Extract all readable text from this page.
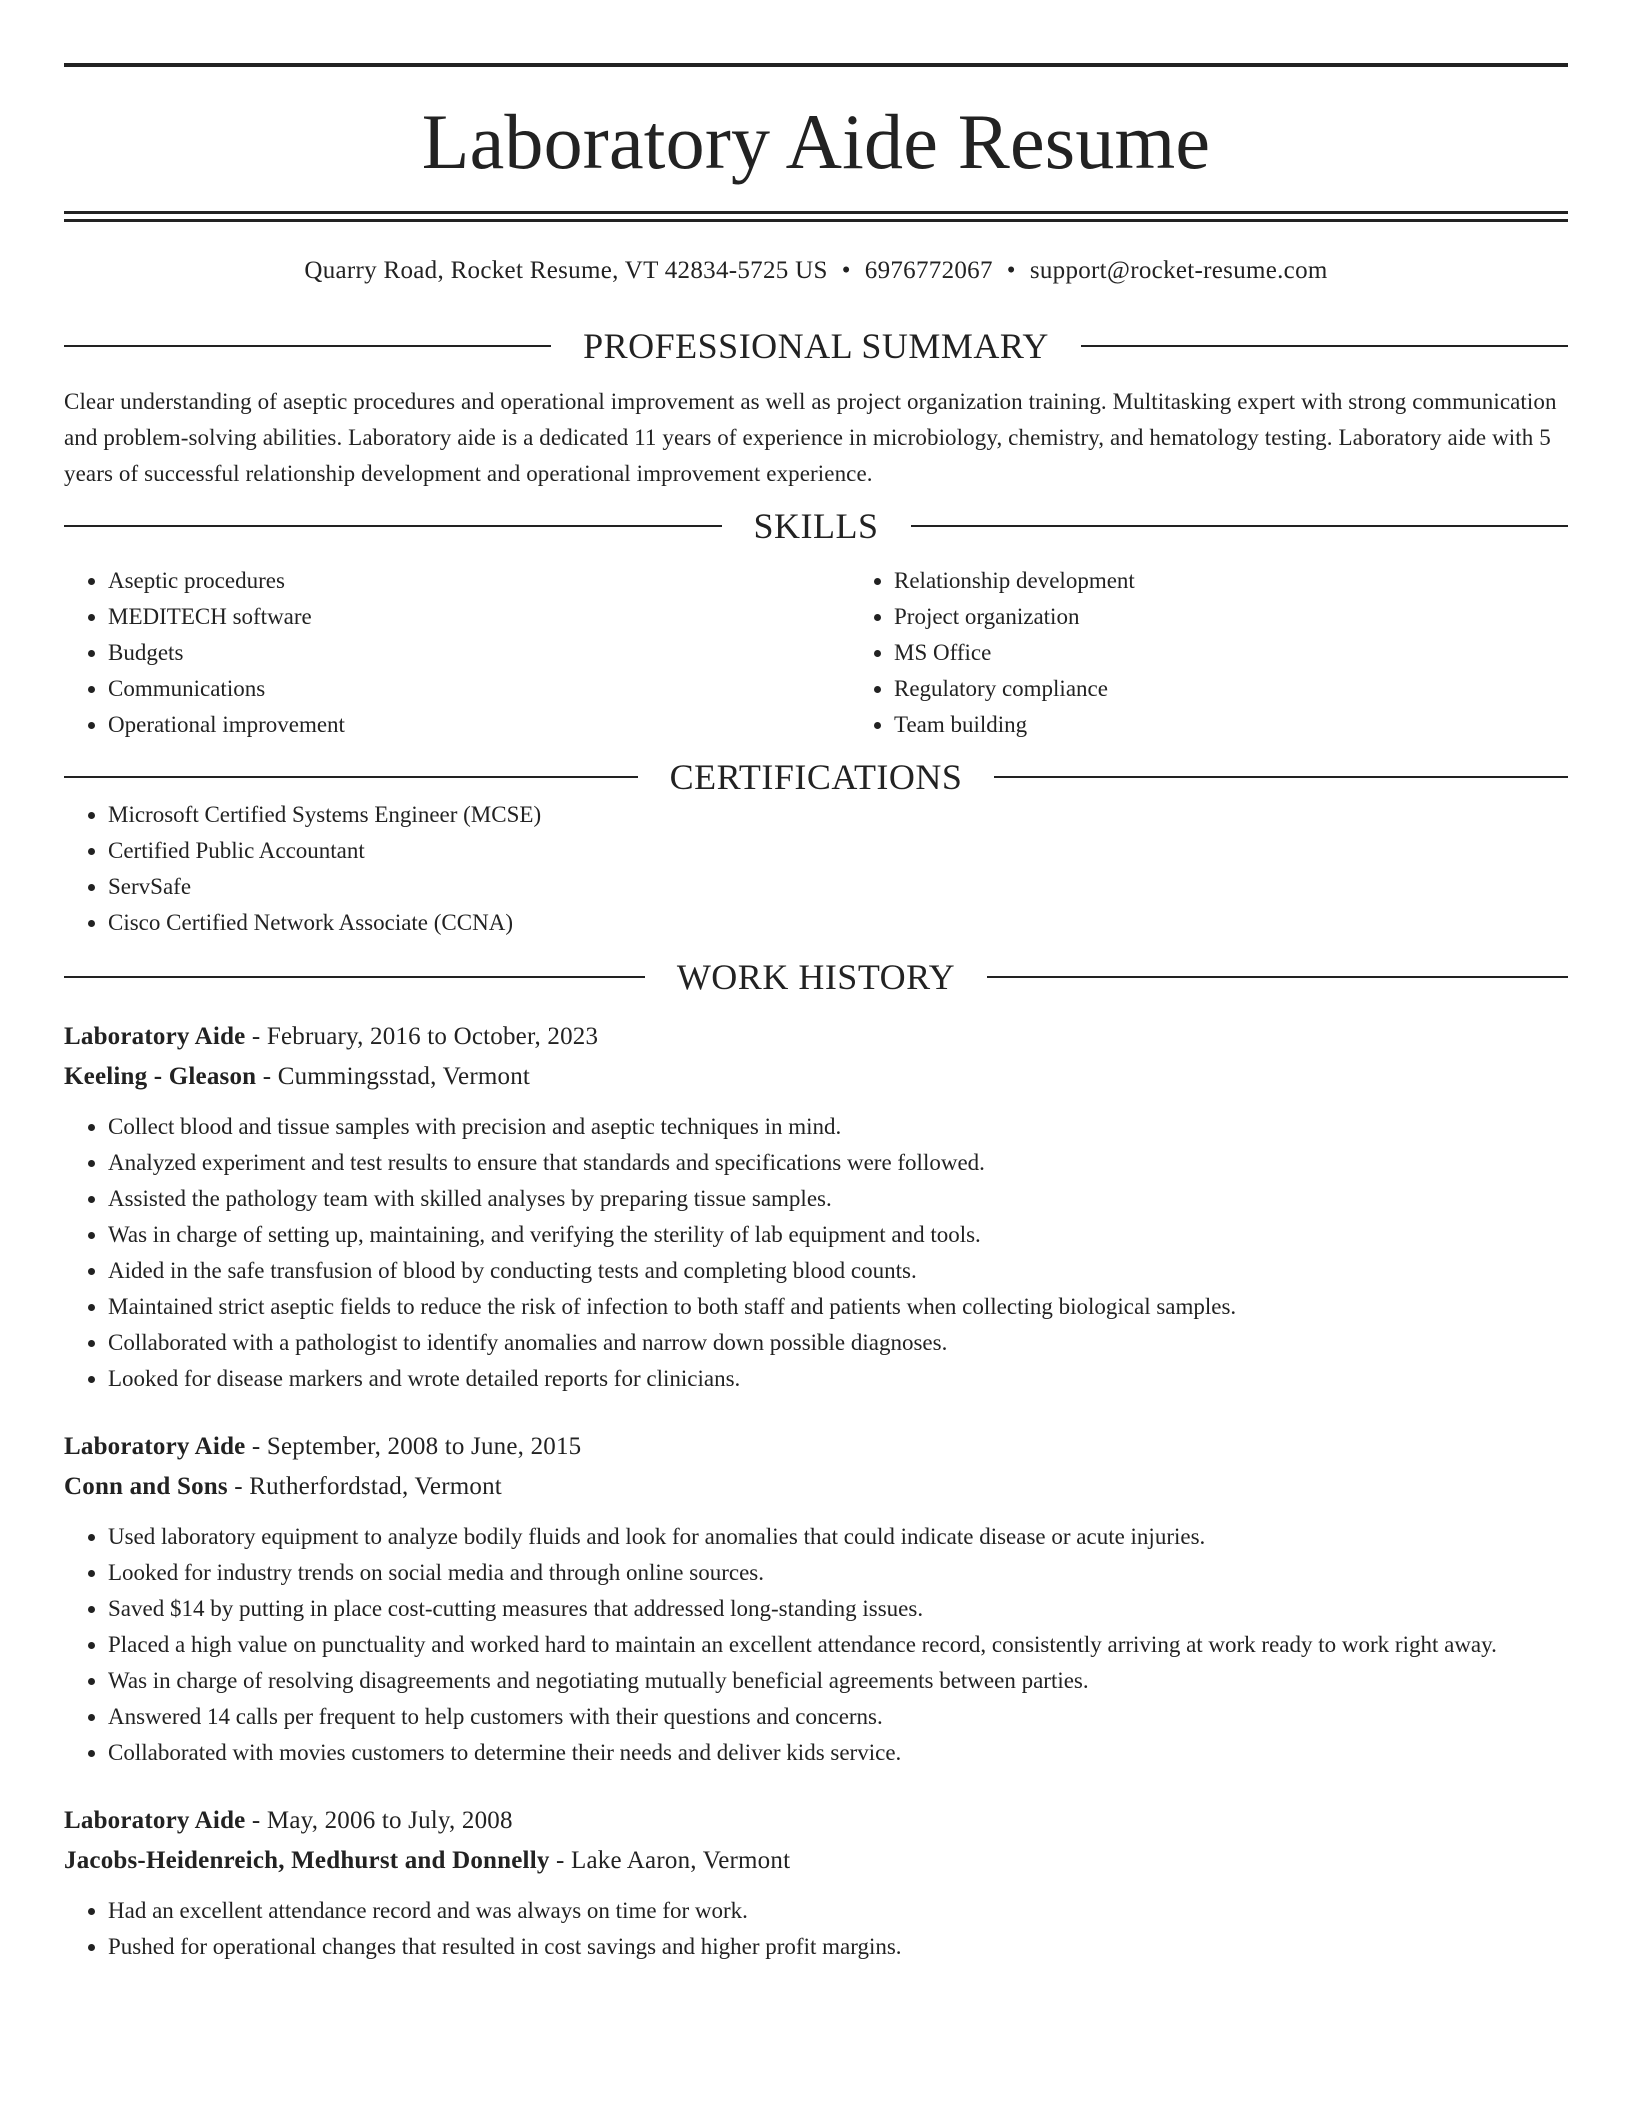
Laboratory Aide Resume
Quarry Road, Rocket Resume, VT 42834-5725 US • 6976772067 • support@rocket-resume.com
PROFESSIONAL SUMMARY

Clear understanding of aseptic procedures and operational improvement as well as project organization training. Multitasking expert with strong communication and problem-solving abilities. Laboratory aide is a dedicated 11 years of experience in microbiology, chemistry, and hematology testing. Laboratory aide with 5 years of successful relationship development and operational improvement experience.

SKILLS
• Aseptic procedures
• MEDITECH software
• Budgets
• Communications
• Operational improvement
• Relationship development
• Project organization
• MS Office
• Regulatory compliance
• Team building
CERTIFICATIONS
• Microsoft Certified Systems Engineer (MCSE)
• Certified Public Accountant
• ServSafe
• Cisco Certified Network Associate (CCNA)
WORK HISTORY
Laboratory Aide - February, 2016 to October, 2023
Keeling - Gleason - Cummingsstad, Vermont
• Collect blood and tissue samples with precision and aseptic techniques in mind.
• Analyzed experiment and test results to ensure that standards and specifications were followed.
• Assisted the pathology team with skilled analyses by preparing tissue samples.
• Was in charge of setting up, maintaining, and verifying the sterility of lab equipment and tools.
• Aided in the safe transfusion of blood by conducting tests and completing blood counts.
• Maintained strict aseptic fields to reduce the risk of infection to both staff and patients when collecting biological samples.
• Collaborated with a pathologist to identify anomalies and narrow down possible diagnoses.
• Looked for disease markers and wrote detailed reports for clinicians.
Laboratory Aide - September, 2008 to June, 2015
Conn and Sons - Rutherfordstad, Vermont
• Used laboratory equipment to analyze bodily fluids and look for anomalies that could indicate disease or acute injuries.
• Looked for industry trends on social media and through online sources.
• Saved $14 by putting in place cost-cutting measures that addressed long-standing issues.
• Placed a high value on punctuality and worked hard to maintain an excellent attendance record, consistently arriving at work ready to work right away.
• Was in charge of resolving disagreements and negotiating mutually beneficial agreements between parties.
• Answered 14 calls per frequent to help customers with their questions and concerns.
• Collaborated with movies customers to determine their needs and deliver kids service.
Laboratory Aide - May, 2006 to July, 2008
Jacobs-Heidenreich, Medhurst and Donnelly - Lake Aaron, Vermont
• Had an excellent attendance record and was always on time for work.
• Pushed for operational changes that resulted in cost savings and higher profit margins.
